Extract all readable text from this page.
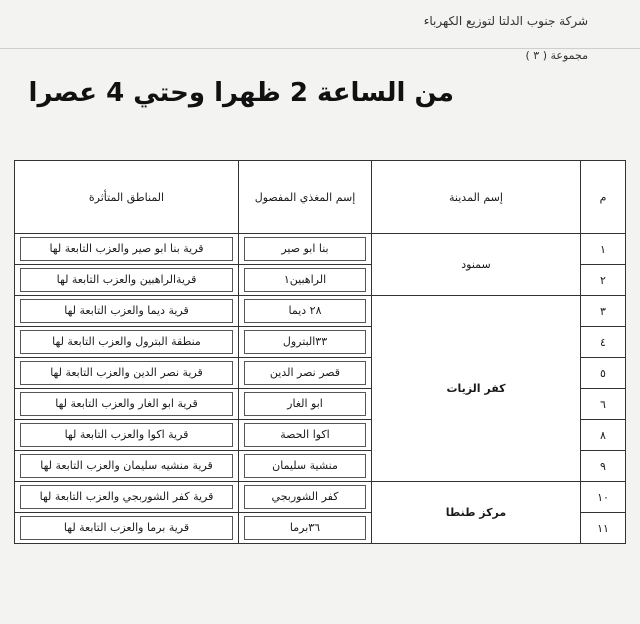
شركة جنوب الدلتا لتوزيع الكهرباء
مجموعة ( ٣ )
من الساعة 2 ظهرا وحتي 4 عصرا
م	إسم المدينة	إسم المغذي المفصول	المناطق المتأثرة
١	سمنود	بنا ابو صير	قرية بنا ابو صير والعزب التابعة لها

٢		الراهبين١	قريةالراهبين والعزب التابعة لها

٣	كفر الزيات	٢٨ ديما	قرية ديما والعزب التابعة لها

٤		٣٣البترول	منطقة البترول والعزب التابعة لها

٥		قصر نصر الدين	قرية نصر الدين والعزب التابعة لها

٦		ابو الغار	قرية ابو الغار والعزب التابعة لها

٨		اكوا الحصة	قرية اكوا والعزب التابعة لها

٩		منشية سليمان	قرية منشيه سليمان والعزب التابعة لها

١٠	مركز طنطا	كفر الشوربجي	قرية كفر الشوربجي والعزب التابعة لها

١١		٣٦برما	قرية برما والعزب التابعة لها
